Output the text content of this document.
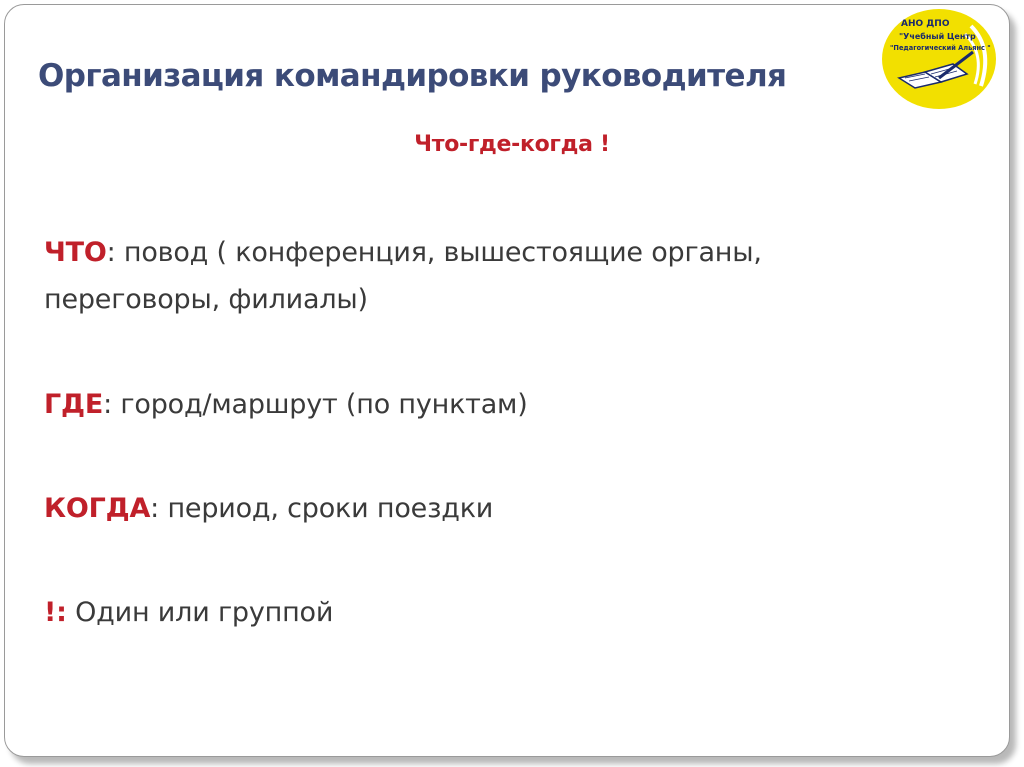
АНО ДПО
"Учебный Центр
"Педагогический Альянс "
Организация командировки руководителя
Что-где-когда !

ЧТО: повод ( конференция, вышестоящие органы, переговоры, филиалы)

ГДЕ: город/маршрут (по пунктам)

КОГДА: период, сроки поездки

!: Один или группой
